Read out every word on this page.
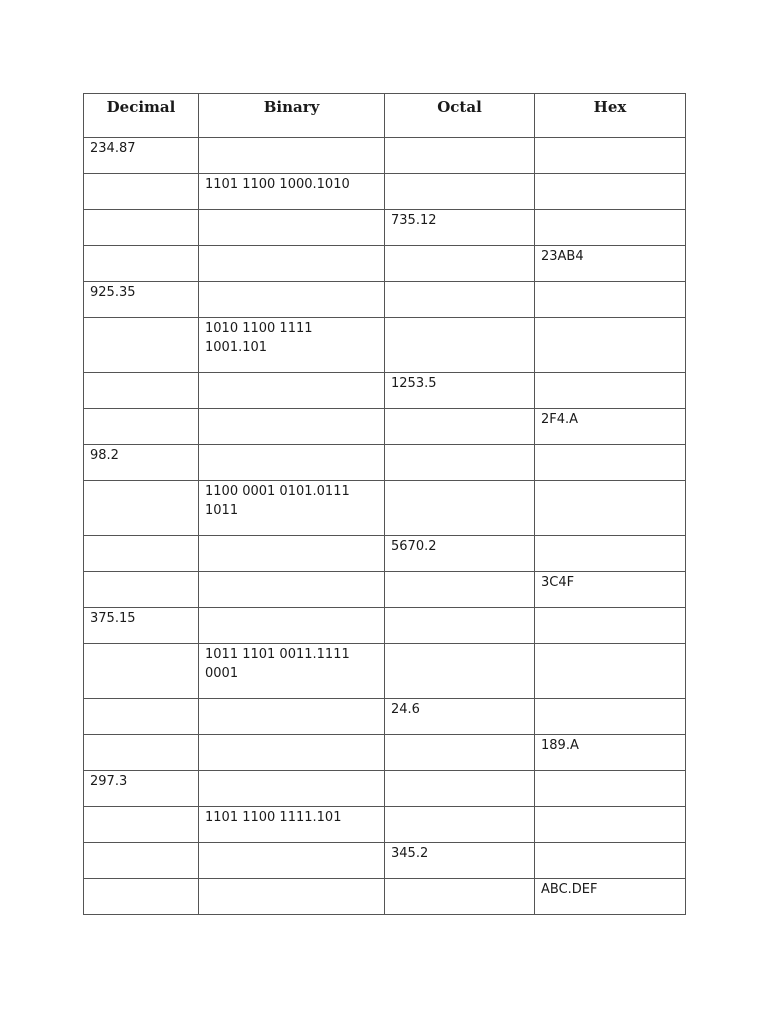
Decimal	Binary	Octal	Hex
234.87			
	1101 1100 1000.1010		
		735.12	
			23AB4
925.35			
	1010 1100 1111 1001.101		
		1253.5	
			2F4.A
98.2			
	1100 0001 0101.0111 1011		
		5670.2	
			3C4F
375.15			
	1011 1101 0011.1111 0001		
		24.6	
			189.A
297.3			
	1101 1100 1111.101		
		345.2	
			ABC.DEF
